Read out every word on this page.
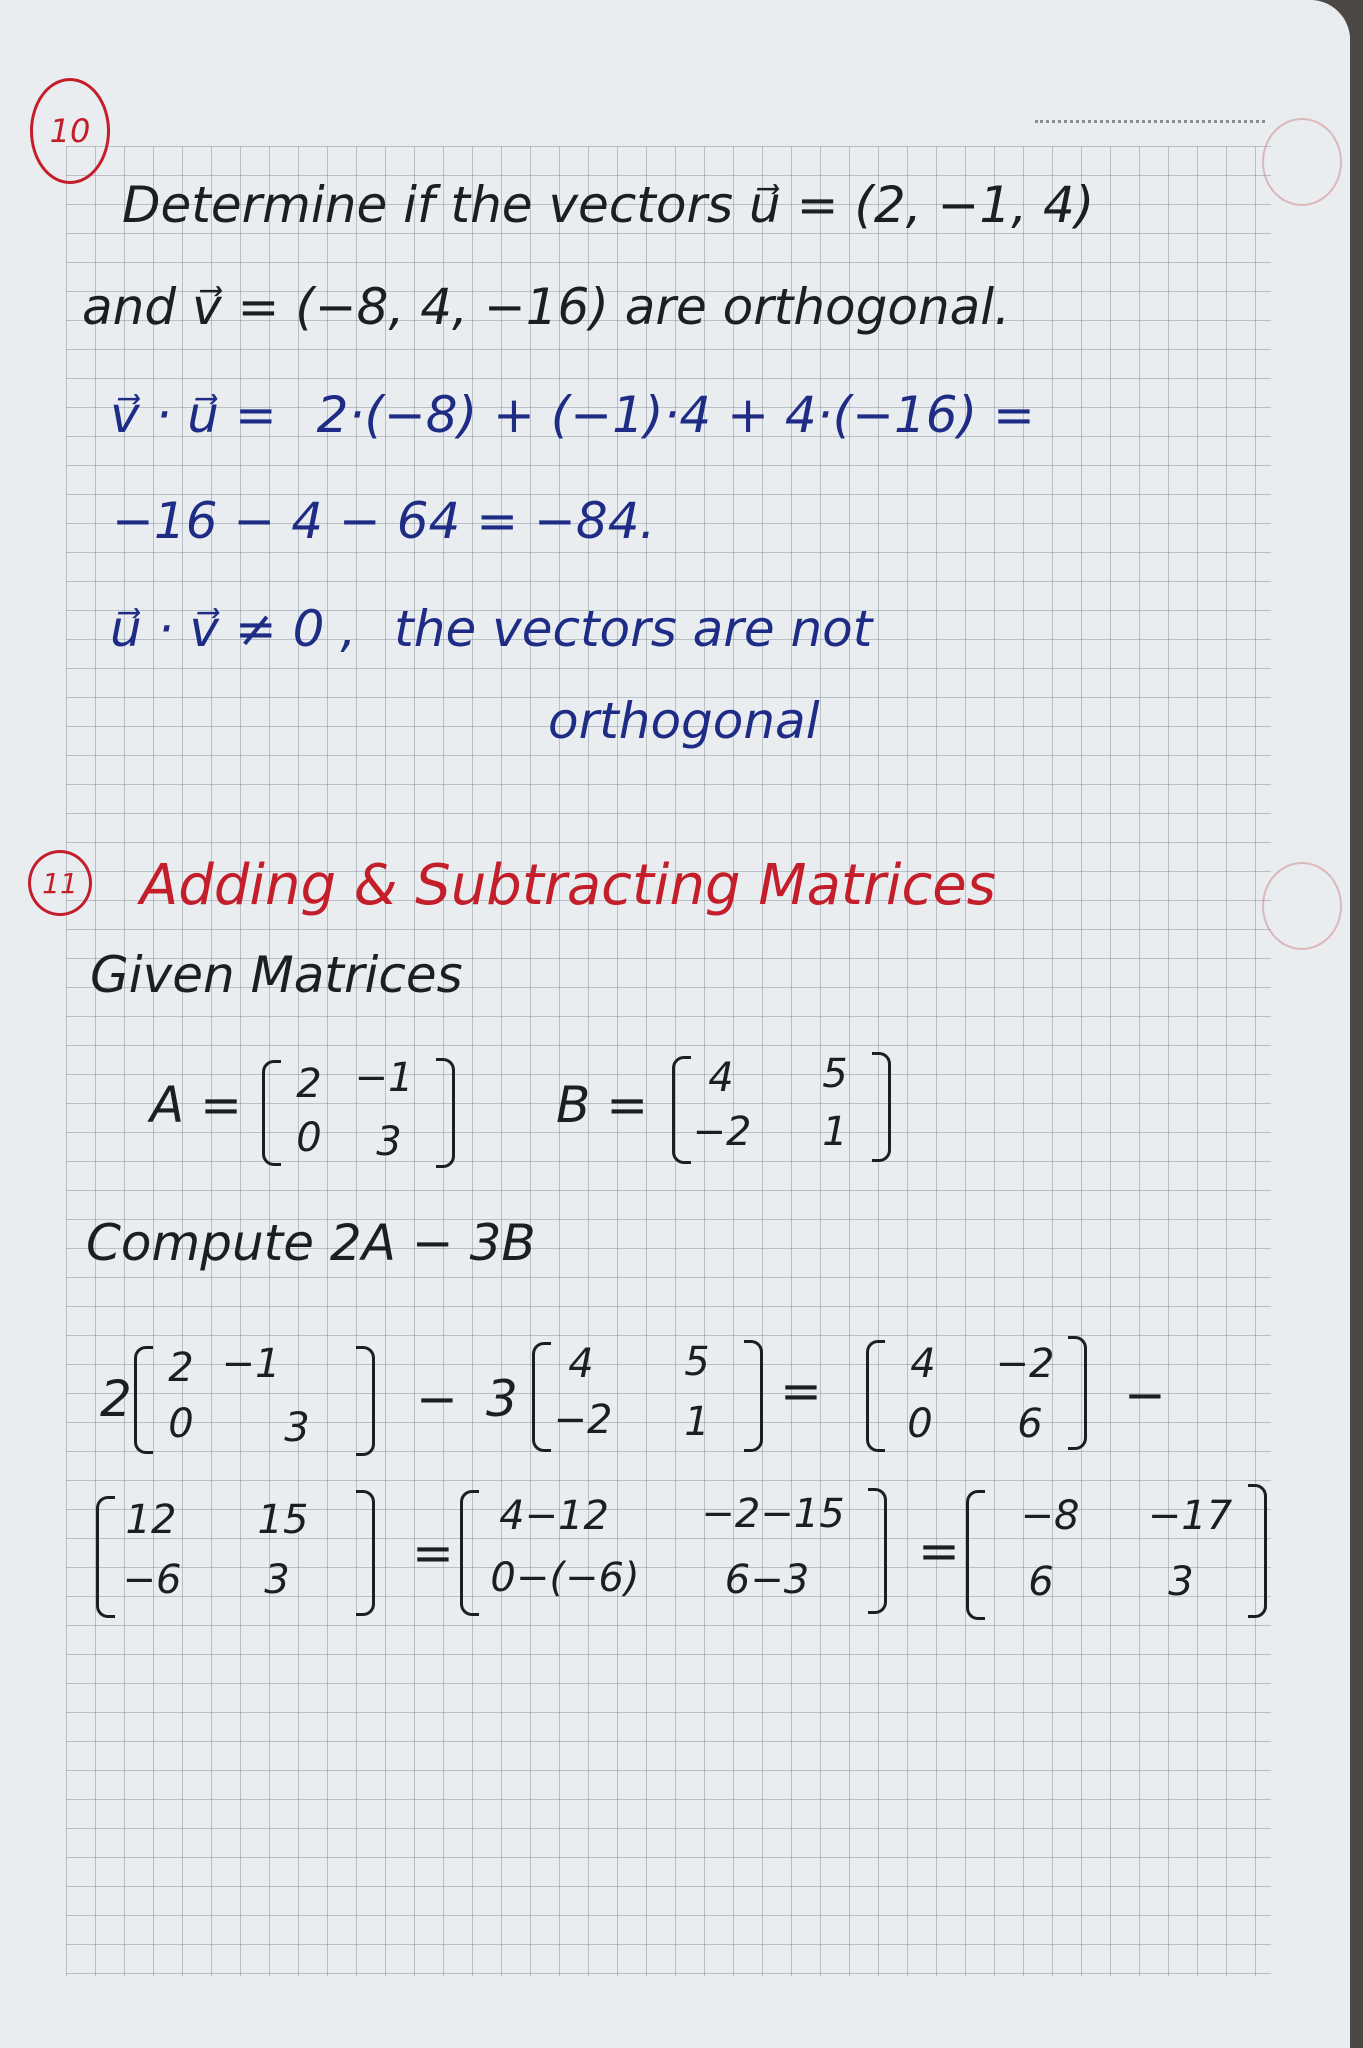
10

Determine if the vectors u⃗ = (2, −1, 4)

and v⃗ = (−8, 4, −16) are orthogonal.

v⃗ · u⃗ = 2·(−8) + (−1)·4 + 4·(−16) =

−16 − 4 − 64 = −84.

u⃗ · v⃗ ≠ 0 , the vectors are not

orthogonal

11 Adding & Subtracting Matrices

Given Matrices

A =	2 −1
0	3

B =	4	5
−2	1

Compute 2A − 3B

2

2 −1
0	3 − 3

4	5
−2	1

=	4	−2
0	6	−

12 15
−6	3 =

4−12	−2−15
0−(−6)	6−3 =

−8 −17
6	3
